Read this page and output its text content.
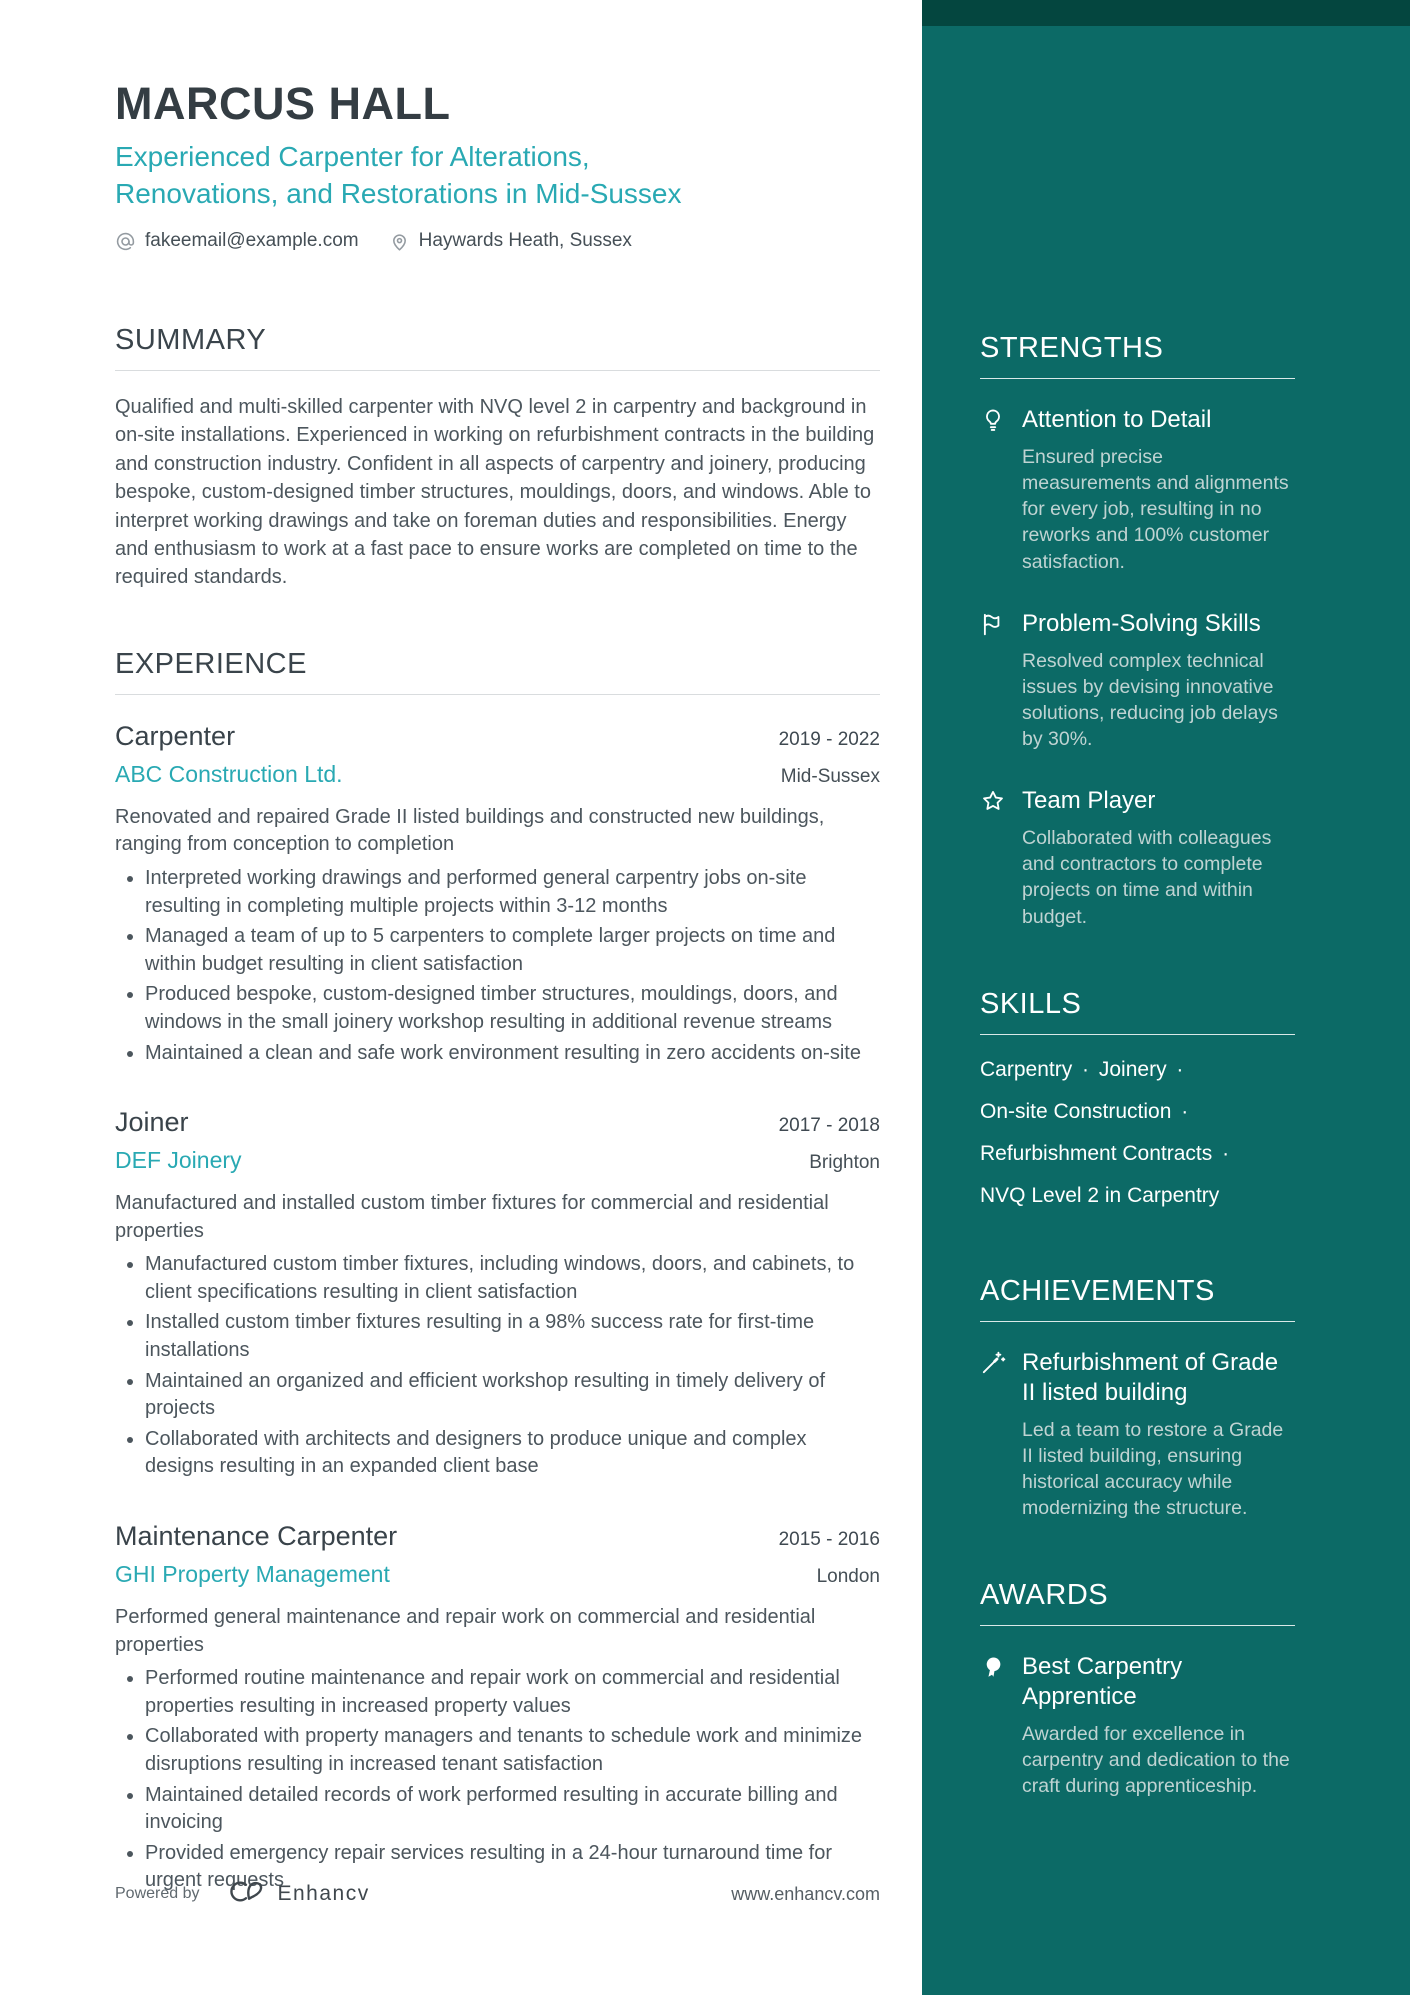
MARCUS HALL
Experienced Carpenter for Alterations, Renovations, and Restorations in Mid-Sussex
fakeemail@example.com	Haywards Heath, Sussex
SUMMARY
Qualified and multi-skilled carpenter with NVQ level 2 in carpentry and background in on-site installations. Experienced in working on refurbishment contracts in the building and construction industry. Confident in all aspects of carpentry and joinery, producing bespoke, custom-designed timber structures, mouldings, doors, and windows. Able to interpret working drawings and take on foreman duties and responsibilities. Energy and enthusiasm to work at a fast pace to ensure works are completed on time to the required standards.
EXPERIENCE
Carpenter	2019 - 2022
ABC Construction Ltd.	Mid-Sussex
Renovated and repaired Grade II listed buildings and constructed new buildings, ranging from conception to completion
• Interpreted working drawings and performed general carpentry jobs on-site resulting in completing multiple projects within 3-12 months
• Managed a team of up to 5 carpenters to complete larger projects on time and within budget resulting in client satisfaction
• Produced bespoke, custom-designed timber structures, mouldings, doors, and windows in the small joinery workshop resulting in additional revenue streams
• Maintained a clean and safe work environment resulting in zero accidents on-site
Joiner	2017 - 2018
DEF Joinery	Brighton
Manufactured and installed custom timber fixtures for commercial and residential properties
• Manufactured custom timber fixtures, including windows, doors, and cabinets, to client specifications resulting in client satisfaction
• Installed custom timber fixtures resulting in a 98% success rate for first-time installations
• Maintained an organized and efficient workshop resulting in timely delivery of projects
• Collaborated with architects and designers to produce unique and complex designs resulting in an expanded client base
Maintenance Carpenter	2015 - 2016
GHI Property Management	London
Performed general maintenance and repair work on commercial and residential properties
• Performed routine maintenance and repair work on commercial and residential properties resulting in increased property values
• Collaborated with property managers and tenants to schedule work and minimize disruptions resulting in increased tenant satisfaction
• Maintained detailed records of work performed resulting in accurate billing and invoicing
• Provided emergency repair services resulting in a 24-hour turnaround time for urgent requests
STRENGTHS
Attention to Detail
Ensured precise measurements and alignments for every job, resulting in no reworks and 100% customer satisfaction.
Problem-Solving Skills
Resolved complex technical issues by devising innovative solutions, reducing job delays by 30%.
Team Player
Collaborated with colleagues and contractors to complete projects on time and within budget.
SKILLS
Carpentry · Joinery · On-site Construction · Refurbishment Contracts · NVQ Level 2 in Carpentry
ACHIEVEMENTS
Refurbishment of Grade II listed building
Led a team to restore a Grade II listed building, ensuring historical accuracy while modernizing the structure.
AWARDS
Best Carpentry Apprentice
Awarded for excellence in carpentry and dedication to the craft during apprenticeship.
Powered by	Enhancv	www.enhancv.com
